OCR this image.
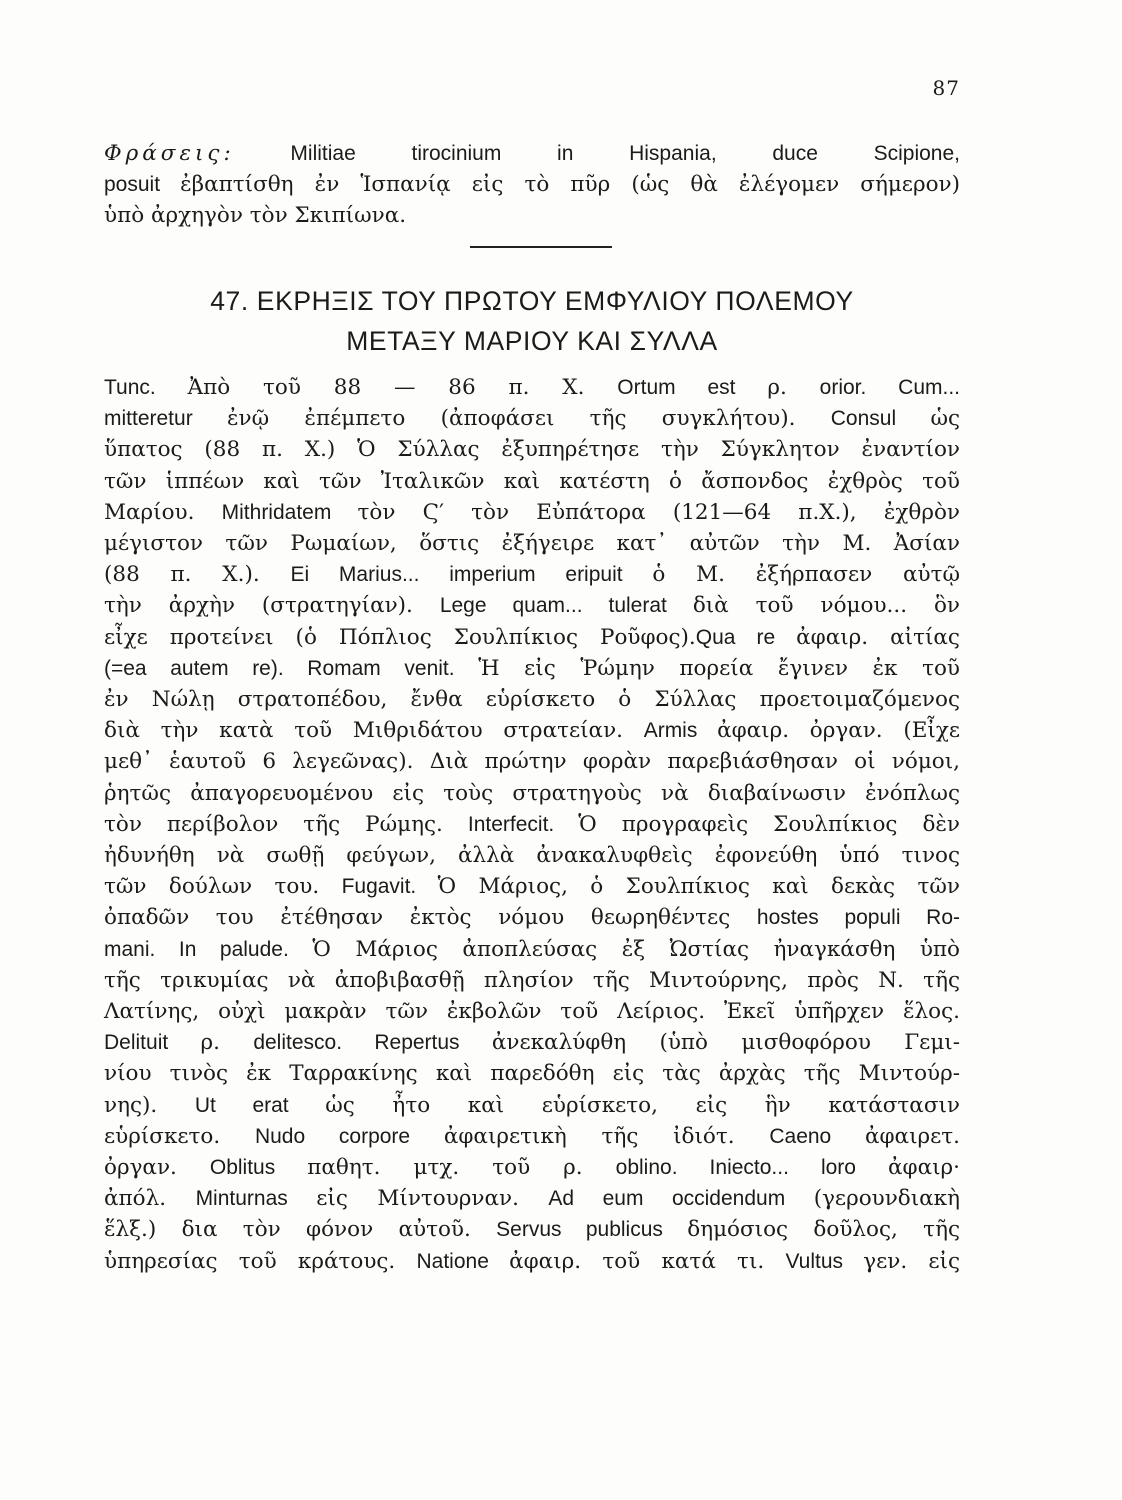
87
Φράσεις: Militiae tirocinium in Hispania, duce Scipione,
posuit ἐβαπτίσθη ἐν Ἱσπανίᾳ εἰς τὸ πῦρ (ὡς θὰ ἐλέγομεν σήμερον)
ὑπὸ ἀρχηγὸν τὸν Σκιπίωνα.
47. ΕΚΡΗΞΙΣ ΤΟΥ ΠΡΩΤΟΥ ΕΜΦΥΛΙΟΥ ΠΟΛΕΜΟΥ
ΜΕΤΑΞΥ ΜΑΡΙΟΥ ΚΑΙ ΣΥΛΛΑ
Tunc. Ἀπὸ τοῦ 88 — 86 π. Χ. Ortum est ρ. orior. Cum...
mitteretur ἐνῷ ἐπέμπετο (ἀποφάσει τῆς συγκλήτου). Consul ὡς
ὕπατος (88 π. Χ.) Ὁ Σύλλας ἐξυπηρέτησε τὴν Σύγκλητον ἐναντίον
τῶν ἱππέων καὶ τῶν Ἰταλικῶν καὶ κατέστη ὁ ἄσπονδος ἐχθρὸς τοῦ
Μαρίου. Mithridatem τὸν Ϛ′ τὸν Εὐπάτορα (121—64 π.Χ.), ἐχθρὸν
μέγιστον τῶν Ρωμαίων, ὅστις ἐξήγειρε κατ᾽ αὐτῶν τὴν Μ. Ἀσίαν
(88 π. Χ.). Ei Marius... imperium eripuit ὁ Μ. ἐξήρπασεν αὐτῷ
τὴν ἀρχὴν (στρατηγίαν). Lege quam... tulerat διὰ τοῦ νόμου... ὃν
εἶχε προτείνει (ὁ Πόπλιος Σουλπίκιος Ροῦφος).Qua re ἀφαιρ. αἰτίας
(=ea autem re). Romam venit. Ἡ εἰς Ῥώμην πορεία ἔγινεν ἐκ τοῦ
ἐν Νώλῃ στρατοπέδου, ἔνθα εὑρίσκετο ὁ Σύλλας προετοιμαζόμενος
διὰ τὴν κατὰ τοῦ Μιθριδάτου στρατείαν. Armis ἀφαιρ. ὀργαν. (Εἶχε
μεθ᾽ ἑαυτοῦ 6 λεγεῶνας). Διὰ πρώτην φορὰν παρεβιάσθησαν οἱ νόμοι,
ῥητῶς ἀπαγορευομένου εἰς τοὺς στρατηγοὺς νὰ διαβαίνωσιν ἐνόπλως
τὸν περίβολον τῆς Ρώμης. Interfecit. Ὁ προγραφεὶς Σουλπίκιος δὲν
ἠδυνήθη νὰ σωθῇ φεύγων, ἀλλὰ ἀνακαλυφθεὶς ἐφονεύθη ὑπό τινος
τῶν δούλων του. Fugavit. Ὁ Μάριος, ὁ Σουλπίκιος καὶ δεκὰς τῶν
ὀπαδῶν του ἐτέθησαν ἐκτὸς νόμου θεωρηθέντες hostes populi Ro-
mani. In palude. Ὁ Μάριος ἀποπλεύσας ἐξ Ὠστίας ἠναγκάσθη ὑπὸ
τῆς τρικυμίας νὰ ἀποβιβασθῇ πλησίον τῆς Μιντούρνης, πρὸς Ν. τῆς
Λατίνης, οὐχὶ μακρὰν τῶν ἐκβολῶν τοῦ Λείριος. Ἐκεῖ ὑπῆρχεν ἕλος.
Delituit ρ. delitesco. Repertus ἀνεκαλύφθη (ὑπὸ μισθοφόρου Γεμι-
νίου τινὸς ἐκ Ταρρακίνης καὶ παρεδόθη εἰς τὰς ἀρχὰς τῆς Μιντούρ-
νης). Ut erat ὡς ἦτο καὶ εὑρίσκετο, εἰς ἣν κατάστασιν
εὑρίσκετο. Nudo corpore ἀφαιρετικὴ τῆς ἰδιότ. Caeno ἀφαιρετ.
ὀργαν. Oblitus παθητ. μτχ. τοῦ ρ. oblino. Iniecto... loro ἀφαιρ·
ἀπόλ. Minturnas εἰς Μίντουρναν. Ad eum occidendum (γερουνδιακὴ
ἕλξ.) δια τὸν φόνον αὐτοῦ. Servus publicus δημόσιος δοῦλος, τῆς
ὑπηρεσίας τοῦ κράτους. Natione ἀφαιρ. τοῦ κατά τι. Vultus γεν. εἰς
